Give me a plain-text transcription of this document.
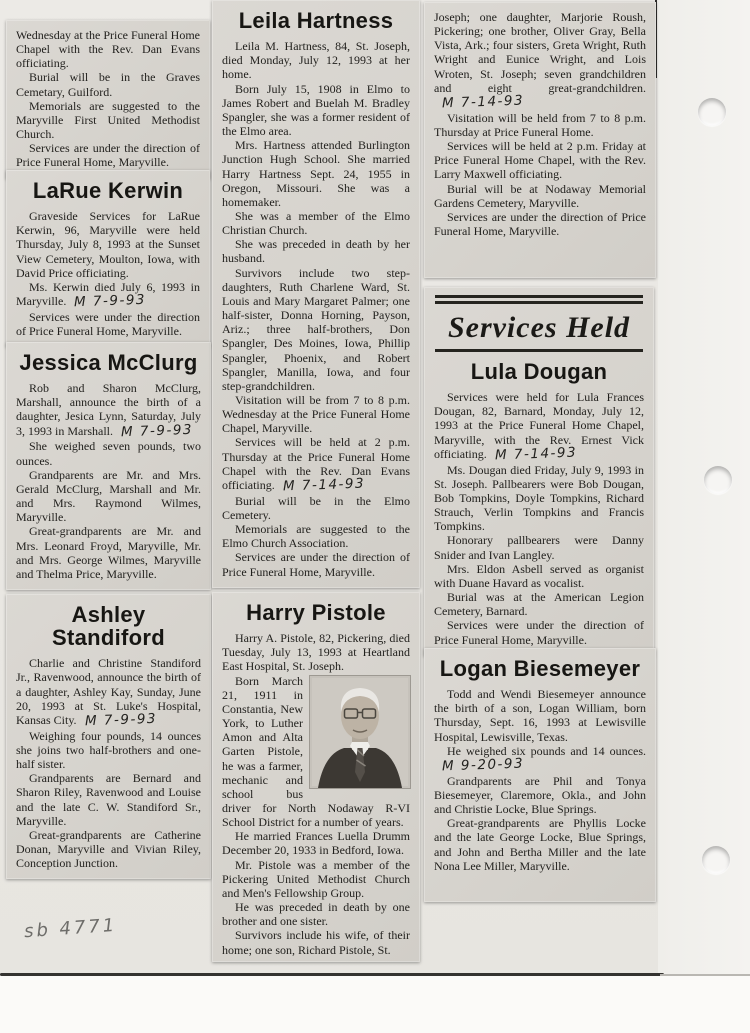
Wednesday at the Price Funeral Home Chapel with the Rev. Dan Evans officiating.

Burial will be in the Graves Cemetary, Guilford.

Memorials are suggested to the Maryville First United Methodist Church.

Services are under the direction of Price Funeral Home, Maryville.

LaRue Kerwin

Graveside Services for LaRue Kerwin, 96, Maryville were held Thursday, July 8, 1993 at the Sunset View Cemetery, Moulton, Iowa, with David Price officiating.

Ms. Kerwin died July 6, 1993 in Maryville. M 7-9-93

Services were under the direction of Price Funeral Home, Maryville.

Jessica McClurg

Rob and Sharon McClurg, Marshall, announce the birth of a daughter, Jesica Lynn, Saturday, July 3, 1993 in Marshall. M 7-9-93

She weighed seven pounds, two ounces.

Grandparents are Mr. and Mrs. Gerald McClurg, Marshall and Mr. and Mrs. Raymond Wilmes, Maryville.

Great-grandparents are Mr. and Mrs. Leonard Froyd, Maryville, Mr. and Mrs. George Wilmes, Maryville and Thelma Price, Maryville.

Ashley Standiford

Charlie and Christine Standiford Jr., Ravenwood, announce the birth of a daughter, Ashley Kay, Sunday, June 20, 1993 at St. Luke's Hospital, Kansas City. M 7-9-93

Weighing four pounds, 14 ounces she joins two half-brothers and one-half sister.

Grandparents are Bernard and Sharon Riley, Ravenwood and Louise and the late C. W. Standiford Sr., Maryville.

Great-grandparents are Catherine Donan, Maryville and Vivian Riley, Conception Junction.

Leila Hartness

Leila M. Hartness, 84, St. Joseph, died Monday, July 12, 1993 at her home.

Born July 15, 1908 in Elmo to James Robert and Buelah M. Bradley Spangler, she was a former resident of the Elmo area.

Mrs. Hartness attended Burlington Junction Hugh School. She married Harry Hartness Sept. 24, 1955 in Oregon, Missouri. She was a homemaker.

She was a member of the Elmo Christian Church.

She was preceded in death by her husband.

Survivors include two step-daughters, Ruth Charlene Ward, St. Louis and Mary Margaret Palmer; one half-sister, Donna Horning, Payson, Ariz.; three half-brothers, Don Spangler, Des Moines, Iowa, Phillip Spangler, Phoenix, and Robert Spangler, Manilla, Iowa, and four step-grandchildren.

Visitation will be from 7 to 8 p.m. Wednesday at the Price Funeral Home Chapel, Maryville.

Services will be held at 2 p.m. Thursday at the Price Funeral Home Chapel with the Rev. Dan Evans officiating. M 7-14-93

Burial will be in the Elmo Cemetery.

Memorials are suggested to the Elmo Church Association.

Services are under the direction of Price Funeral Home, Maryville.

Harry Pistole

Harry A. Pistole, 82, Pickering, died Tuesday, July 13, 1993 at Heartland East Hospital, St. Joseph.

Born March 21, 1911 in Constantia, New York, to Luther Amon and Alta Garten Pistole, he was a farmer, mechanic and school bus driver for North Nodaway R-VI School District for a number of years.

He married Frances Luella Drumm December 20, 1933 in Bedford, Iowa.

Mr. Pistole was a member of the Pickering United Methodist Church and Men's Fellowship Group.

He was preceded in death by one brother and one sister.

Survivors include his wife, of their home; one son, Richard Pistole, St.

Joseph; one daughter, Marjorie Roush, Pickering; one brother, Oliver Gray, Bella Vista, Ark.; four sisters, Greta Wright, Ruth Wright and Eunice Wright, and Lois Wroten, St. Joseph; seven grandchildren and eight great-grandchildren.M 7-14-93

Visitation will be held from 7 to 8 p.m. Thursday at Price Funeral Home.

Services will be held at 2 p.m. Friday at Price Funeral Home Chapel, with the Rev. Larry Maxwell officiating.

Burial will be at Nodaway Memorial Gardens Cemetery, Maryville.

Services are under the direction of Price Funeral Home, Maryville.

Services Held
Lula Dougan

Services were held for Lula Frances Dougan, 82, Barnard, Monday, July 12, 1993 at the Price Funeral Home Chapel, Maryville, with the Rev. Ernest Vick officiating. M 7-14-93

Ms. Dougan died Friday, July 9, 1993 in St. Joseph. Pallbearers were Bob Dougan, Bob Tompkins, Doyle Tompkins, Richard Strauch, Verlin Tompkins and Francis Tompkins.

Honorary pallbearers were Danny Snider and Ivan Langley.

Mrs. Eldon Asbell served as organist with Duane Havard as vocalist.

Burial was at the American Legion Cemetery, Barnard.

Services were under the direction of Price Funeral Home, Maryville.

Logan Biesemeyer

Todd and Wendi Biesemeyer announce the birth of a son, Logan William, born Thursday, Sept. 16, 1993 at Lewisville Hospital, Lewisville, Texas.

He weighed six pounds and 14 ounces.M 9-20-93

Grandparents are Phil and Tonya Biesemeyer, Claremore, Okla., and John and Christie Locke, Blue Springs.

Great-grandparents are Phyllis Locke and the late George Locke, Blue Springs, and John and Bertha Miller and the late Nona Lee Miller, Maryville.

sb 4771
